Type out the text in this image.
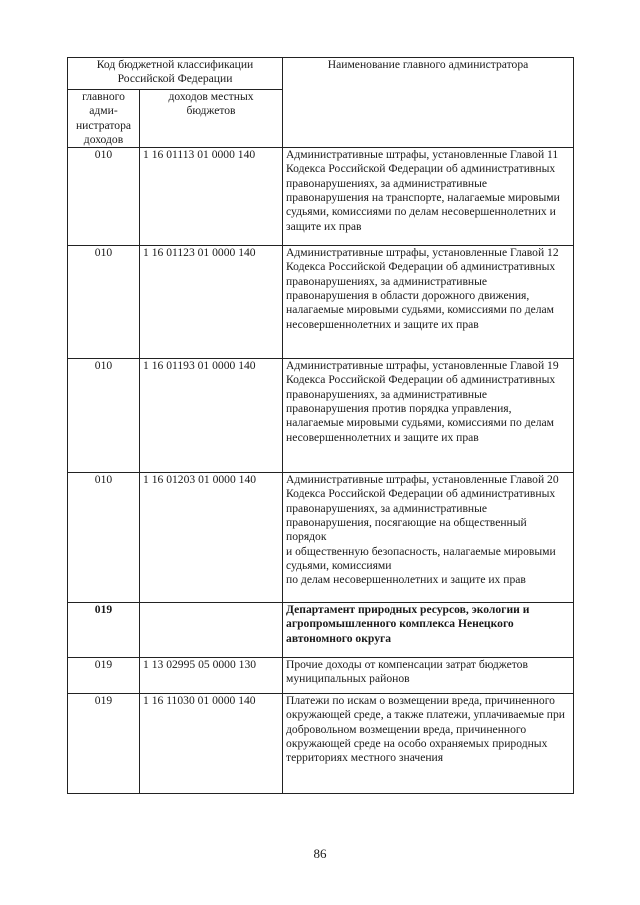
Код бюджетной классификации Российской Федерации		Наименование главного администратора
главного адми-нистратора доходов	доходов местных бюджетов	
010	1 16 01113 01 0000 140	Административные штрафы, установленные Главой 11 Кодекса Российской Федерации об административных правонарушениях, за административные правонарушения на транспорте, налагаемые мировыми судьями, комиссиями по делам несовершеннолетних и защите их прав
010	1 16 01123 01 0000 140	Административные штрафы, установленные Главой 12 Кодекса Российской Федерации об административных правонарушениях, за административные правонарушения в области дорожного движения, налагаемые мировыми судьями, комиссиями по делам несовершеннолетних и защите их прав
010	1 16 01193 01 0000 140	Административные штрафы, установленные Главой 19 Кодекса Российской Федерации об административных правонарушениях, за административные правонарушения против порядка управления, налагаемые мировыми судьями, комиссиями по делам несовершеннолетних и защите их прав
010	1 16 01203 01 0000 140	Административные штрафы, установленные Главой 20 Кодекса Российской Федерации об административных правонарушениях, за административные правонарушения, посягающие на общественный порядок
и общественную безопасность, налагаемые мировыми судьями, комиссиями
по делам несовершеннолетних и защите их прав
019		Департамент природных ресурсов, экологии и агропромышленного комплекса Ненецкого автономного округа
019	1 13 02995 05 0000 130	Прочие доходы от компенсации затрат бюджетов муниципальных районов
019	1 16 11030 01 0000 140	Платежи по искам о возмещении вреда, причиненного окружающей среде, а также платежи, уплачиваемые при добровольном возмещении вреда, причиненного окружающей среде на особо охраняемых природных территориях местного значения
86
